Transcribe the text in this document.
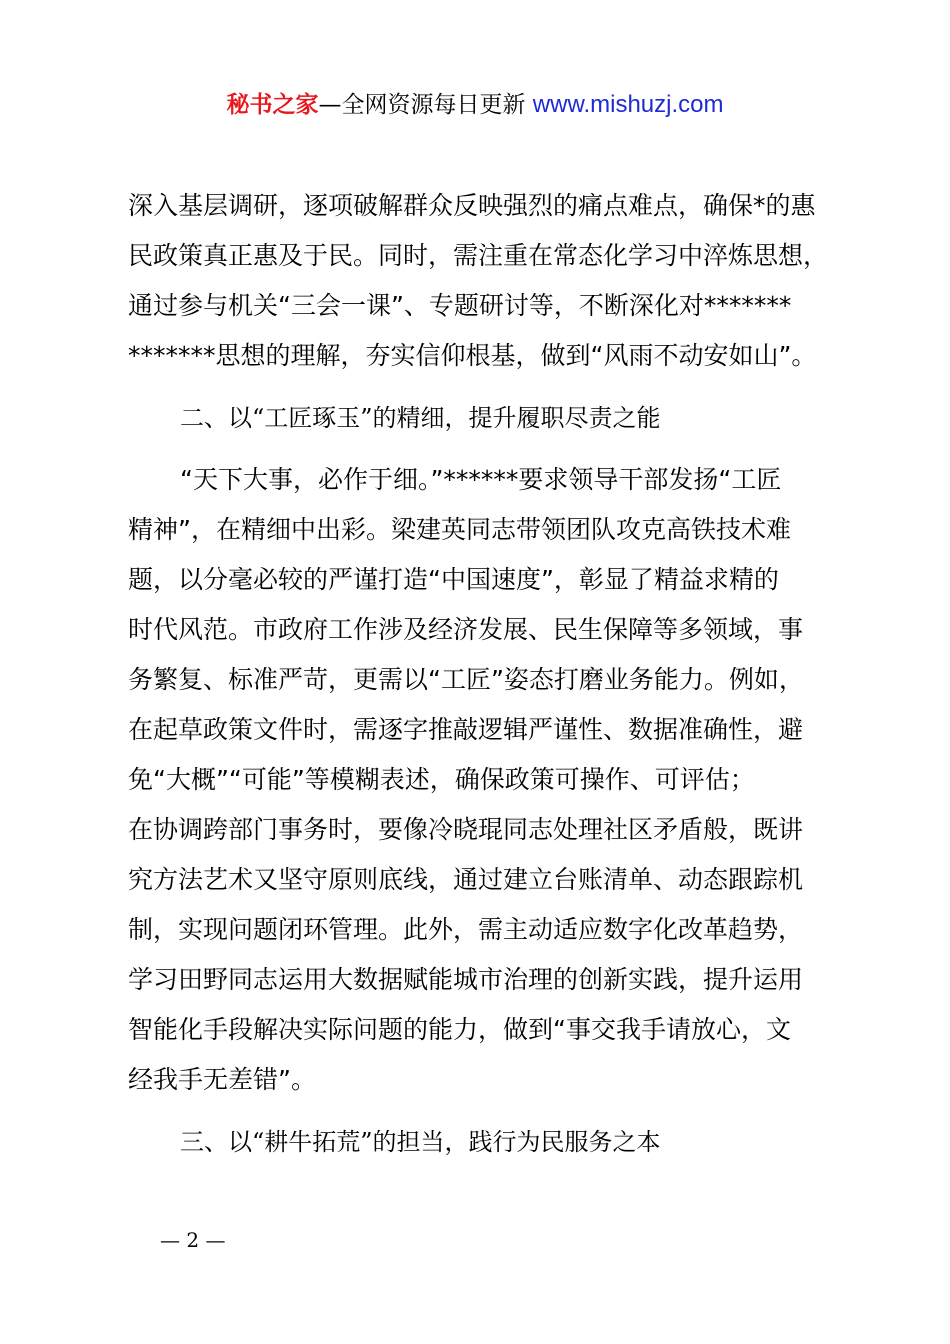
秘书之家—全网资源每日更新 www.mishuzj.com
深入基层调研，逐项破解群众反映强烈的痛点难点，确保*的惠
民政策真正惠及于民。同时，需注重在常态化学习中淬炼思想，
通过参与机关“三会一课”、专题研讨等，不断深化对*******
*******思想的理解，夯实信仰根基，做到“风雨不动安如山”。
二、以“工匠琢玉”的精细，提升履职尽责之能
“天下大事，必作于细。”******要求领导干部发扬“工匠
精神”，在精细中出彩。梁建英同志带领团队攻克高铁技术难
题，以分毫必较的严谨打造“中国速度”，彰显了精益求精的
时代风范。市政府工作涉及经济发展、民生保障等多领域，事
务繁复、标准严苛，更需以“工匠”姿态打磨业务能力。例如，
在起草政策文件时，需逐字推敲逻辑严谨性、数据准确性，避
免“大概”“可能”等模糊表述，确保政策可操作、可评估；
在协调跨部门事务时，要像冷晓琨同志处理社区矛盾般，既讲
究方法艺术又坚守原则底线，通过建立台账清单、动态跟踪机
制，实现问题闭环管理。此外，需主动适应数字化改革趋势，
学习田野同志运用大数据赋能城市治理的创新实践，提升运用
智能化手段解决实际问题的能力，做到“事交我手请放心，文
经我手无差错”。
三、以“耕牛拓荒”的担当，践行为民服务之本
— 2 —
